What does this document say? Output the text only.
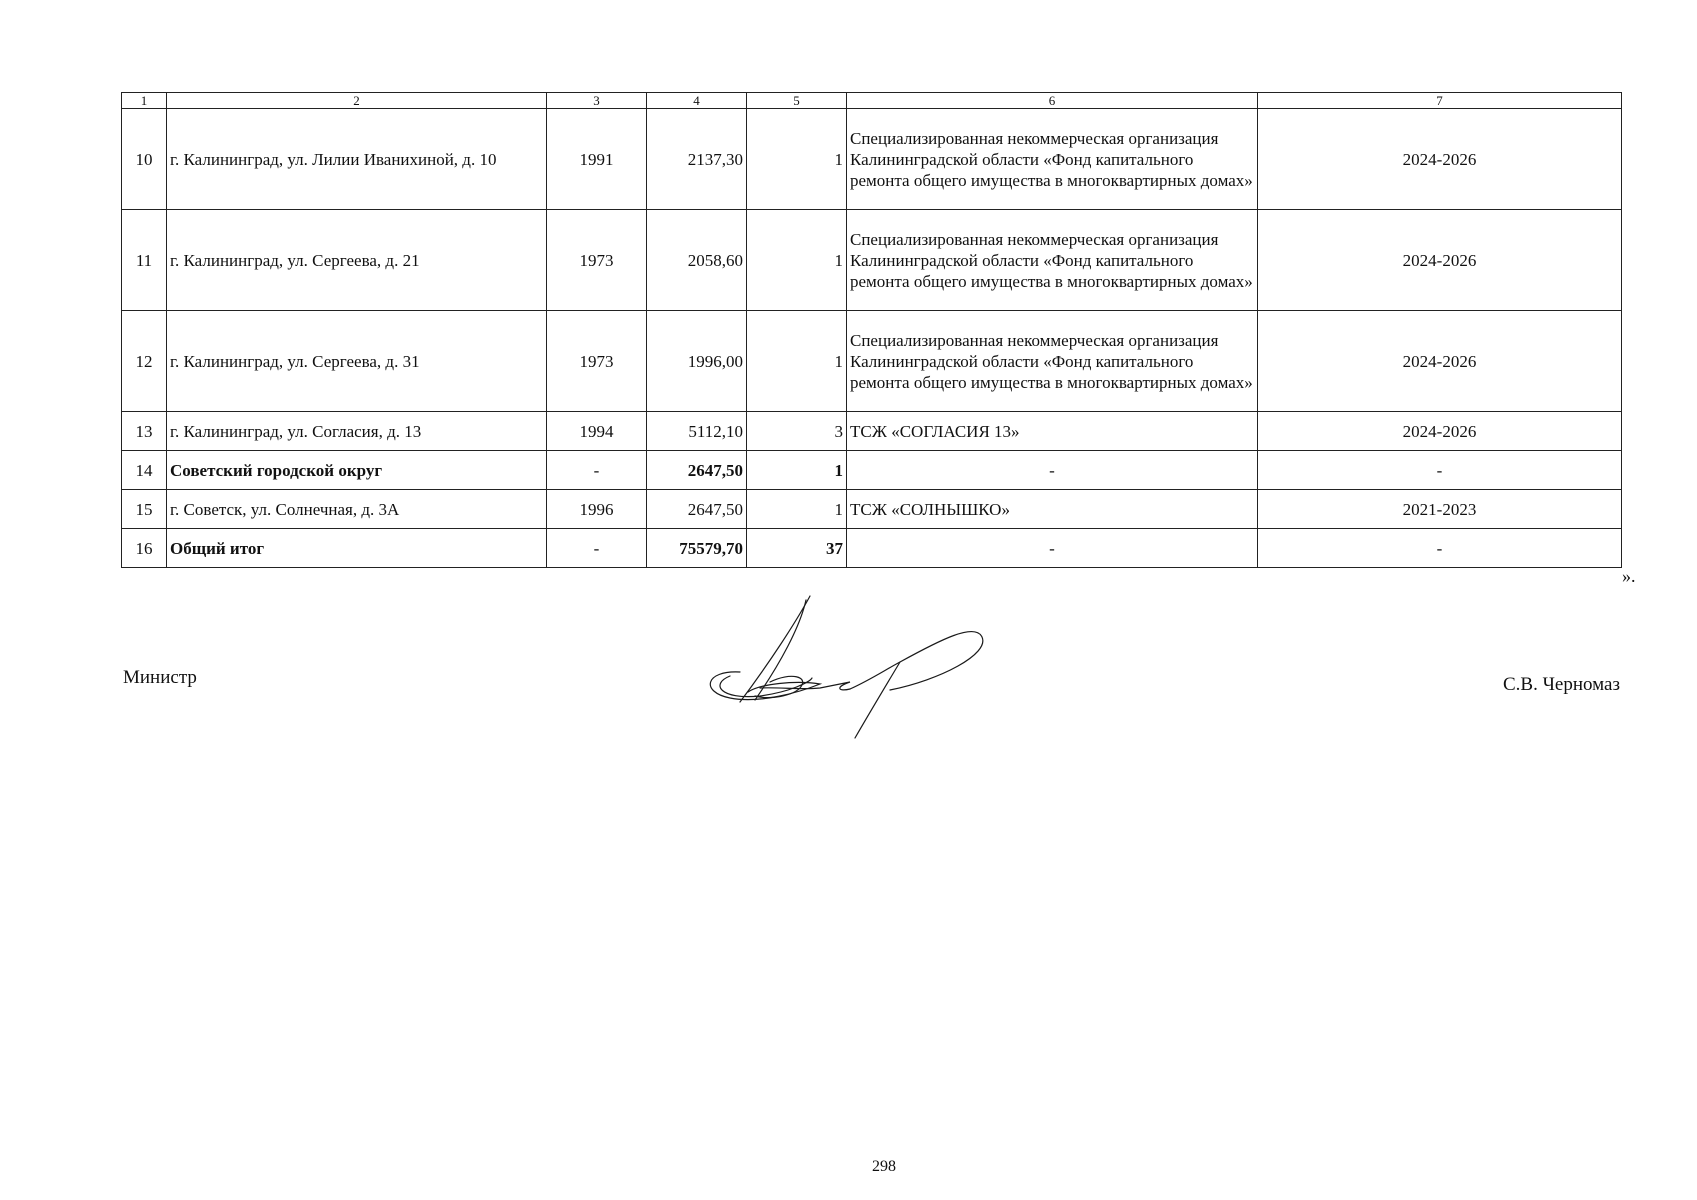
1	2	3	4	5	6	7
10	г. Калининград, ул. Лилии Иванихиной, д. 10	1991	2137,30	1	Специализированная некоммерческая организация Калининградской области «Фонд капитального ремонта общего имущества в многоквартирных домах»	2024-2026
11	г. Калининград, ул. Сергеева, д. 21	1973	2058,60	1	Специализированная некоммерческая организация Калининградской области «Фонд капитального ремонта общего имущества в многоквартирных домах»	2024-2026
12	г. Калининград, ул. Сергеева, д. 31	1973	1996,00	1	Специализированная некоммерческая организация Калининградской области «Фонд капитального ремонта общего имущества в многоквартирных домах»	2024-2026
13	г. Калининград, ул. Согласия, д. 13	1994	5112,10	3	ТСЖ «СОГЛАСИЯ 13»	2024-2026
14	Советский городской округ	-	2647,50	1	-	-
15	г. Советск, ул. Солнечная, д. 3А	1996	2647,50	1	ТСЖ «СОЛНЫШКО»	2021-2023
16	Общий итог	-	75579,70	37	-	-
».
Министр	С.В. Черномаз
298
